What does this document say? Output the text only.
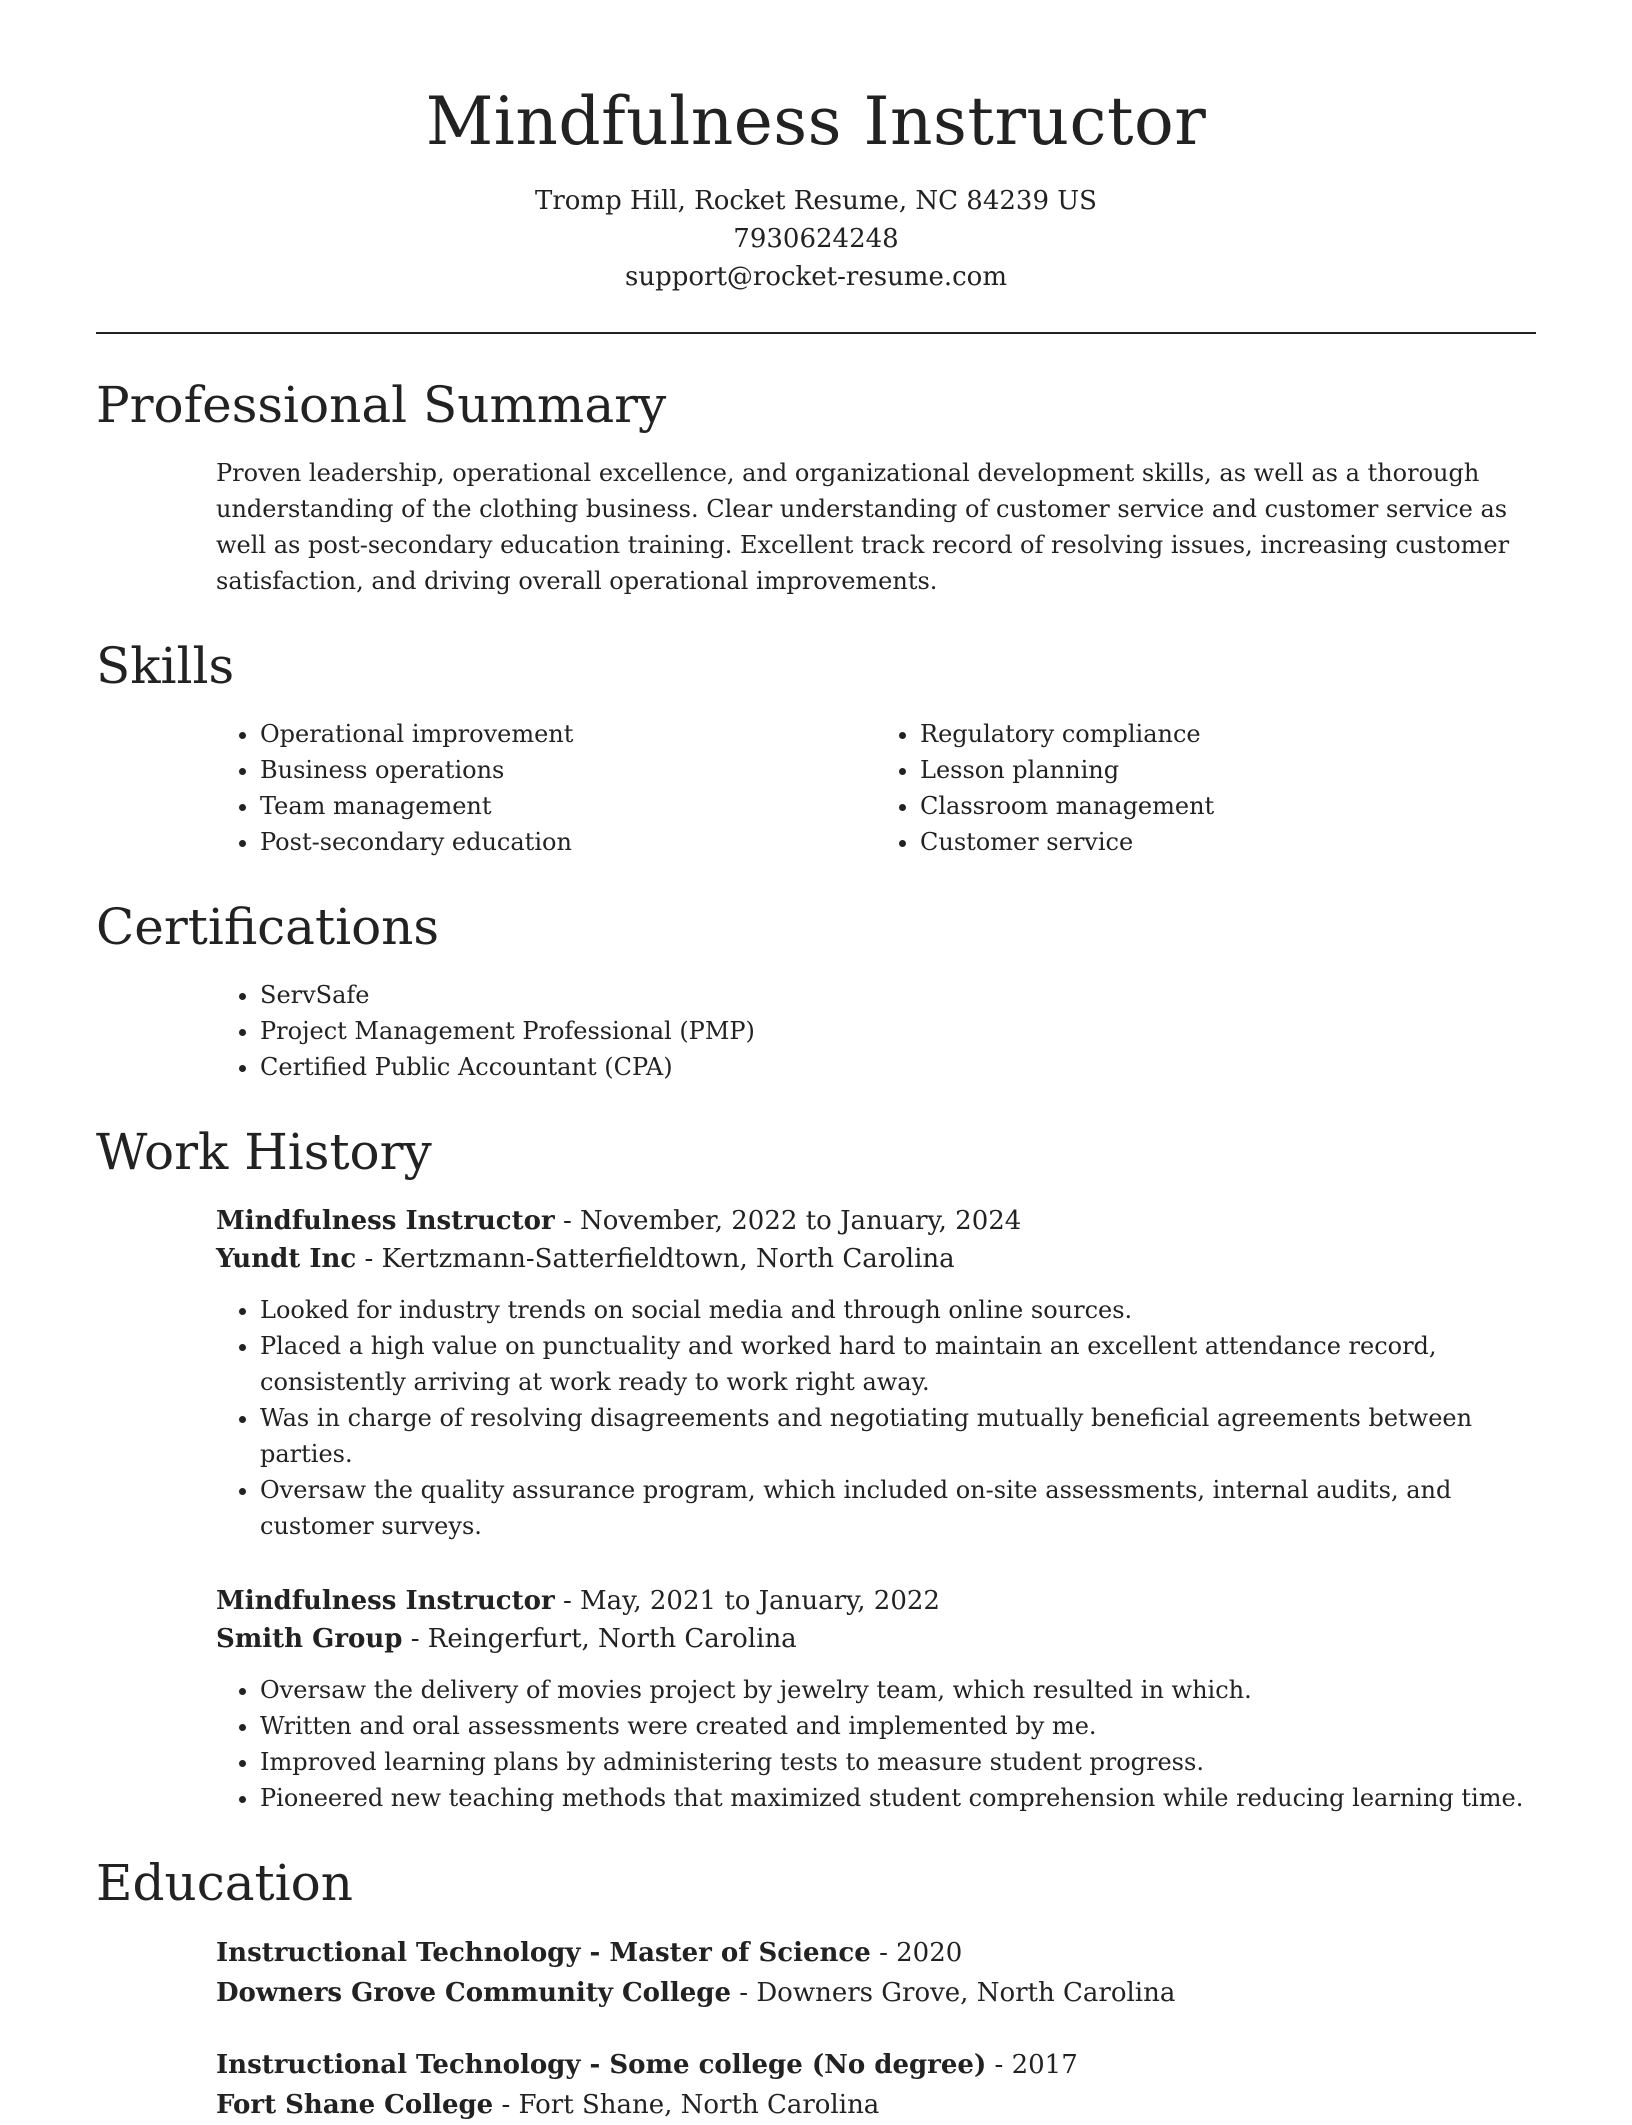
Mindfulness Instructor
Tromp Hill, Rocket Resume, NC 84239 US
7930624248
support@rocket-resume.com
Professional Summary

Proven leadership, operational excellence, and organizational development skills, as well as a thorough understanding of the clothing business. Clear understanding of customer service and customer service as well as post-secondary education training. Excellent track record of resolving issues, increasing customer satisfaction, and driving overall operational improvements.

Skills
• Operational improvement
• Business operations
• Team management
• Post-secondary education
• Regulatory compliance
• Lesson planning
• Classroom management
• Customer service
Certifications
• ServSafe
• Project Management Professional (PMP)
• Certified Public Accountant (CPA)
Work History
Mindfulness Instructor - November, 2022 to January, 2024
Yundt Inc - Kertzmann-Satterfieldtown, North Carolina
• Looked for industry trends on social media and through online sources.
• Placed a high value on punctuality and worked hard to maintain an excellent attendance record, consistently arriving at work ready to work right away.
• Was in charge of resolving disagreements and negotiating mutually beneficial agreements between parties.
• Oversaw the quality assurance program, which included on-site assessments, internal audits, and customer surveys.
Mindfulness Instructor - May, 2021 to January, 2022
Smith Group - Reingerfurt, North Carolina
• Oversaw the delivery of movies project by jewelry team, which resulted in which.
• Written and oral assessments were created and implemented by me.
• Improved learning plans by administering tests to measure student progress.
• Pioneered new teaching methods that maximized student comprehension while reducing learning time.
Education
Instructional Technology - Master of Science - 2020
Downers Grove Community College - Downers Grove, North Carolina
Instructional Technology - Some college (No degree) - 2017
Fort Shane College - Fort Shane, North Carolina
